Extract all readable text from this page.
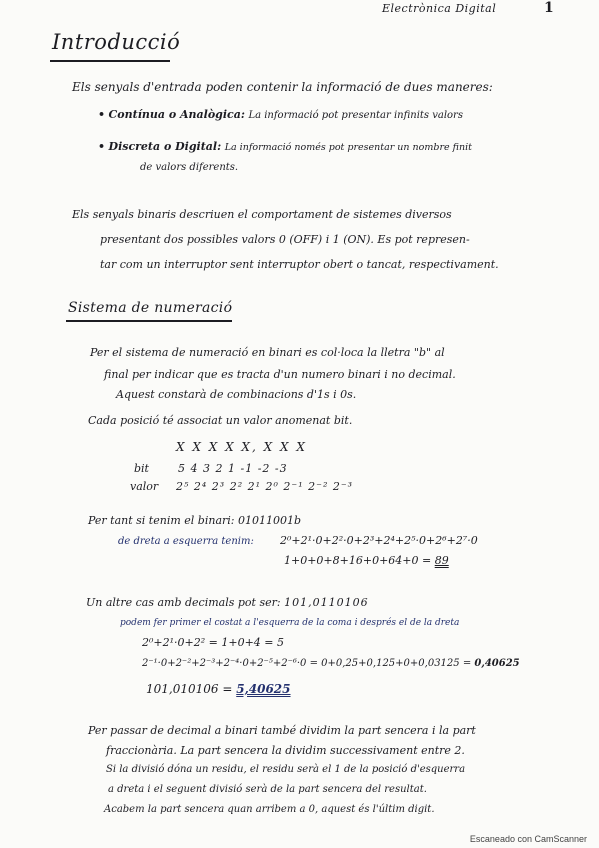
Electrònica Digital	1
Introducció
Els senyals d'entrada poden contenir la informació de dues maneres:
• Contínua o Analògica: La informació pot presentar infinits valors
• Discreta o Digital: La informació només pot presentar un nombre finit
de valors diferents.
Els senyals binaris descriuen el comportament de sistemes diversos
presentant dos possibles valors 0 (OFF) i 1 (ON). Es pot represen-
tar com un interruptor sent interruptor obert o tancat, respectivament.
Sistema de numeració
Per el sistema de numeració en binari es col·loca la lletra "b" al
final per indicar que es tracta d'un numero binari i no decimal.
Aquest constarà de combinacions d'1s i 0s.
Cada posició té associat un valor anomenat bit.
X X X X X, X X X
bit	5 4 3 2 1 -1 -2 -3
valor 2⁵ 2⁴ 2³ 2² 2¹ 2⁰ 2⁻¹ 2⁻² 2⁻³
Per tant si tenim el binari: 01011001b
de dreta a esquerra tenim: 2⁰+2¹·0+2²·0+2³+2⁴+2⁵·0+2⁶+2⁷·0
1+0+0+8+16+0+64+0 = 89
Un altre cas amb decimals pot ser: 101,0110106
podem fer primer el costat a l'esquerra de la coma i després el de la dreta
2⁰+2¹·0+2² = 1+0+4 = 5
2⁻¹·0+2⁻²+2⁻³+2⁻⁴·0+2⁻⁵+2⁻⁶·0 = 0+0,25+0,125+0+0,03125 = 0,40625
101,010106 = 5,40625
Per passar de decimal a binari també dividim la part sencera i la part
fraccionària. La part sencera la dividim successivament entre 2.
Si la divisió dóna un residu, el residu serà el 1 de la posició d'esquerra
a dreta i el seguent divisió serà de la part sencera del resultat.
Acabem la part sencera quan arribem a 0, aquest és l'últim digit.
Escaneado con CamScanner
